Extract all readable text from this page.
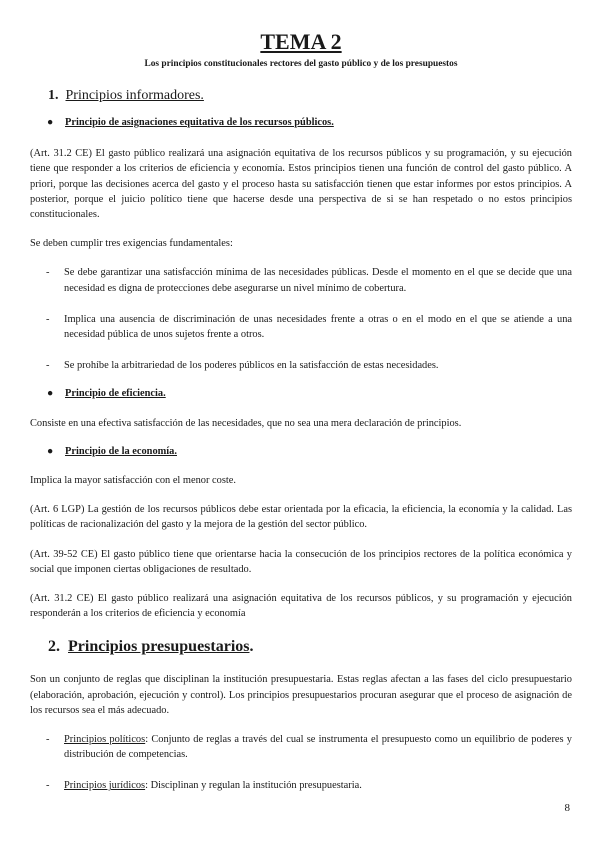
TEMA 2
Los principios constitucionales rectores del gasto público y de los presupuestos
1. Principios informadores.
● Principio de asignaciones equitativa de los recursos públicos.

(Art. 31.2 CE) El gasto público realizará una asignación equitativa de los recursos públicos y su programación, y su ejecución tiene que responder a los criterios de eficiencia y economía. Estos principios tienen una función de control del gasto público. A priori, porque las decisiones acerca del gasto y el proceso hasta su satisfacción tienen que estar informes por estos principios. A posterior, porque el juicio político tiene que hacerse desde una perspectiva de si se han respetado o no estos principios constitucionales.

Se deben cumplir tres exigencias fundamentales:

- Se debe garantizar una satisfacción mínima de las necesidades públicas. Desde el momento en el que se decide que una necesidad es digna de protecciones debe asegurarse un nivel mínimo de cobertura.
- Implica una ausencia de discriminación de unas necesidades frente a otras o en el modo en el que se atiende a una necesidad pública de unos sujetos frente a otros.
- Se prohíbe la arbitrariedad de los poderes públicos en la satisfacción de estas necesidades.
● Principio de eficiencia.

Consiste en una efectiva satisfacción de las necesidades, que no sea una mera declaración de principios.

● Principio de la economía.

Implica la mayor satisfacción con el menor coste.

(Art. 6 LGP) La gestión de los recursos públicos debe estar orientada por la eficacia, la eficiencia, la economía y la calidad. Las políticas de racionalización del gasto y la mejora de la gestión del sector público.

(Art. 39-52 CE) El gasto público tiene que orientarse hacia la consecución de los principios rectores de la política económica y social que imponen ciertas obligaciones de resultado.

(Art. 31.2 CE) El gasto público realizará una asignación equitativa de los recursos públicos, y su programación y ejecución responderán a los criterios de eficiencia y economía

2. Principios presupuestarios.

Son un conjunto de reglas que disciplinan la institución presupuestaria. Estas reglas afectan a las fases del ciclo presupuestario (elaboración, aprobación, ejecución y control). Los principios presupuestarios procuran asegurar que el proceso de asignación de los recursos sea el más adecuado.

- Principios políticos: Conjunto de reglas a través del cual se instrumenta el presupuesto como un equilibrio de poderes y distribución de competencias.
- Principios jurídicos: Disciplinan y regulan la institución presupuestaria.
8
